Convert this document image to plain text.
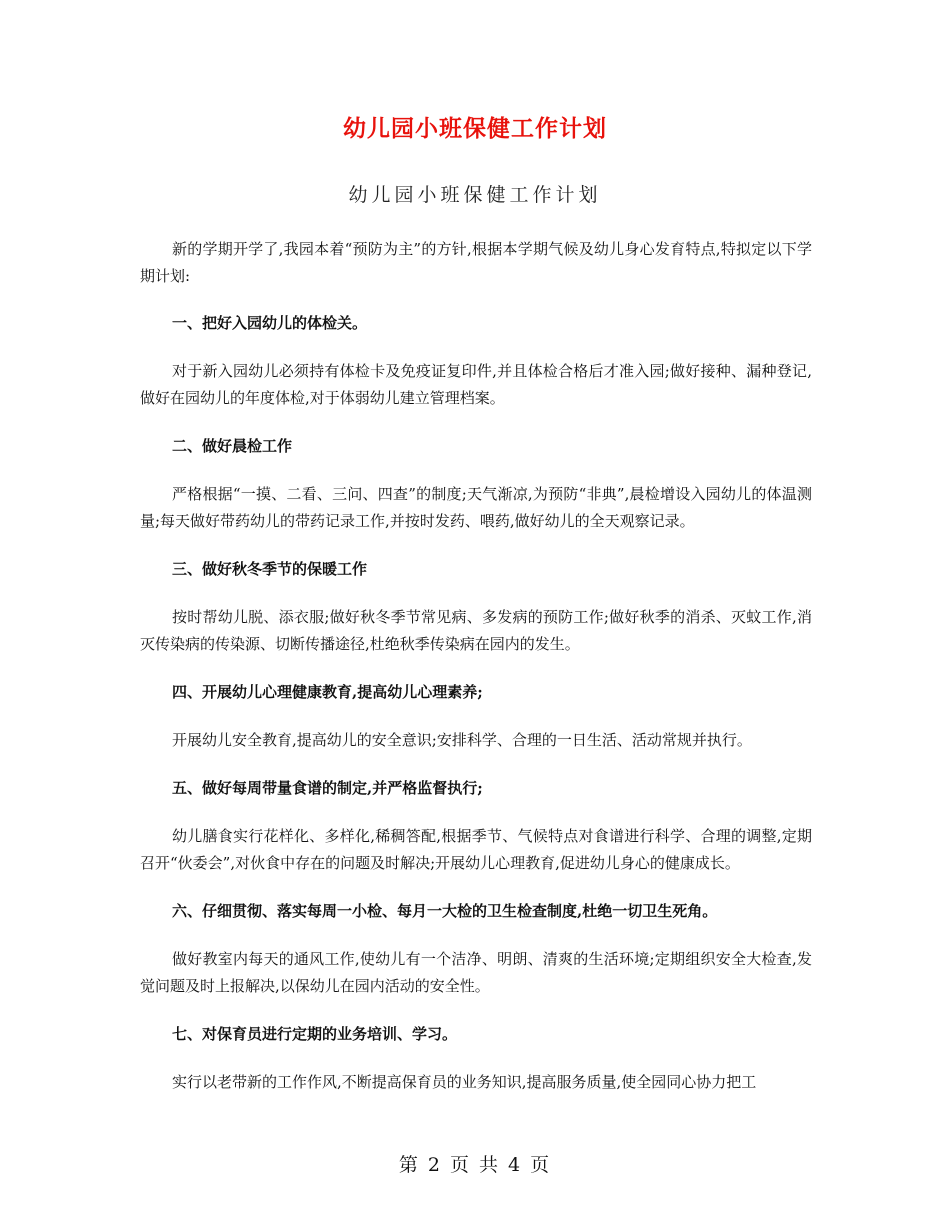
幼儿园小班保健工作计划
幼儿园小班保健工作计划

新的学期开学了,我园本着“预防为主”的方针,根据本学期气候及幼儿身心发育特点,特拟定以下学期计划:

一、把好入园幼儿的体检关。

对于新入园幼儿必须持有体检卡及免疫证复印件,并且体检合格后才准入园;做好接种、漏种登记,做好在园幼儿的年度体检,对于体弱幼儿建立管理档案。

二、做好晨检工作

严格根据“一摸、二看、三问、四查”的制度;天气渐凉,为预防“非典”,晨检增设入园幼儿的体温测量;每天做好带药幼儿的带药记录工作,并按时发药、喂药,做好幼儿的全天观察记录。

三、做好秋冬季节的保暖工作

按时帮幼儿脱、添衣服;做好秋冬季节常见病、多发病的预防工作;做好秋季的消杀、灭蚊工作,消灭传染病的传染源、切断传播途径,杜绝秋季传染病在园内的发生。

四、开展幼儿心理健康教育,提高幼儿心理素养;

开展幼儿安全教育,提高幼儿的安全意识;安排科学、合理的一日生活、活动常规并执行。

五、做好每周带量食谱的制定,并严格监督执行;

幼儿膳食实行花样化、多样化,稀稠答配,根据季节、气候特点对食谱进行科学、合理的调整,定期召开“伙委会”,对伙食中存在的问题及时解决;开展幼儿心理教育,促进幼儿身心的健康成长。

六、仔细贯彻、落实每周一小检、每月一大检的卫生检查制度,杜绝一切卫生死角。

做好教室内每天的通风工作,使幼儿有一个洁净、明朗、清爽的生活环境;定期组织安全大检查,发觉问题及时上报解决,以保幼儿在园内活动的安全性。

七、对保育员进行定期的业务培训、学习。

实行以老带新的工作作风,不断提高保育员的业务知识,提高服务质量,使全园同心协力把工

第 2 页 共 4 页
